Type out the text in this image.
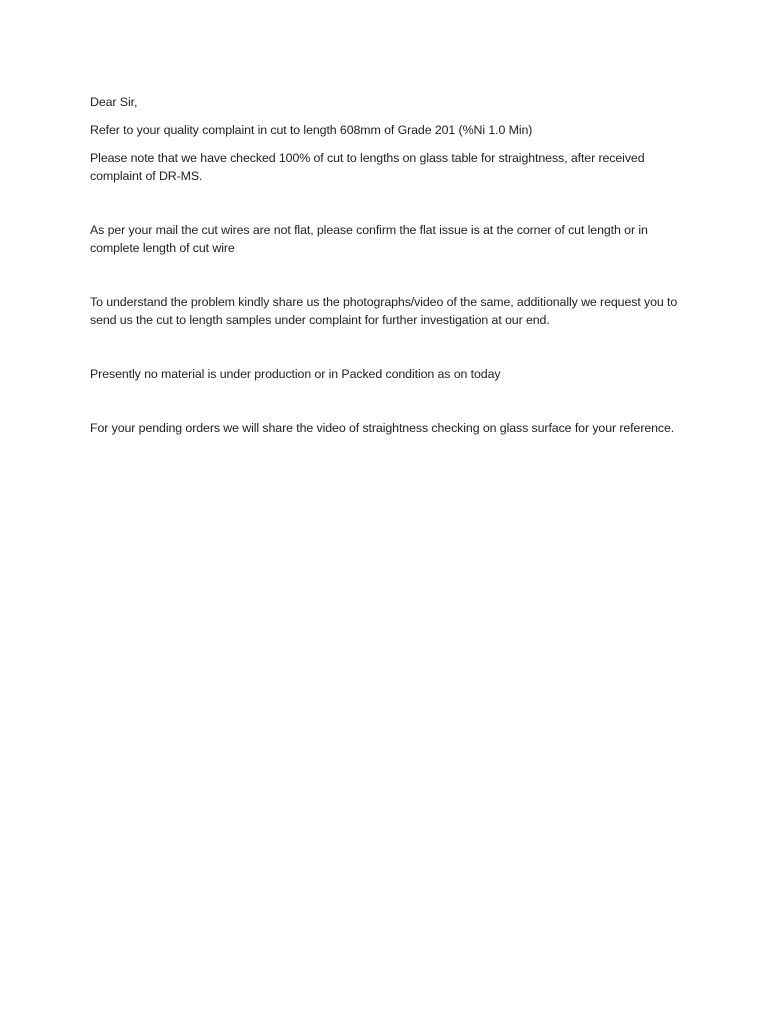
Dear Sir,

Refer to your quality complaint in cut to length 608mm of Grade 201 (%Ni 1.0 Min)

Please note that we have checked 100% of cut to lengths on glass table for straightness, after received complaint of DR-MS.

As per your mail the cut wires are not flat, please confirm the flat issue is at the corner of cut length or in complete length of cut wire

To understand the problem kindly share us the photographs/video of the same, additionally we request you to send us the cut to length samples under complaint for further investigation at our end.

Presently no material is under production or in Packed condition as on today

For your pending orders we will share the video of straightness checking on glass surface for your reference.
